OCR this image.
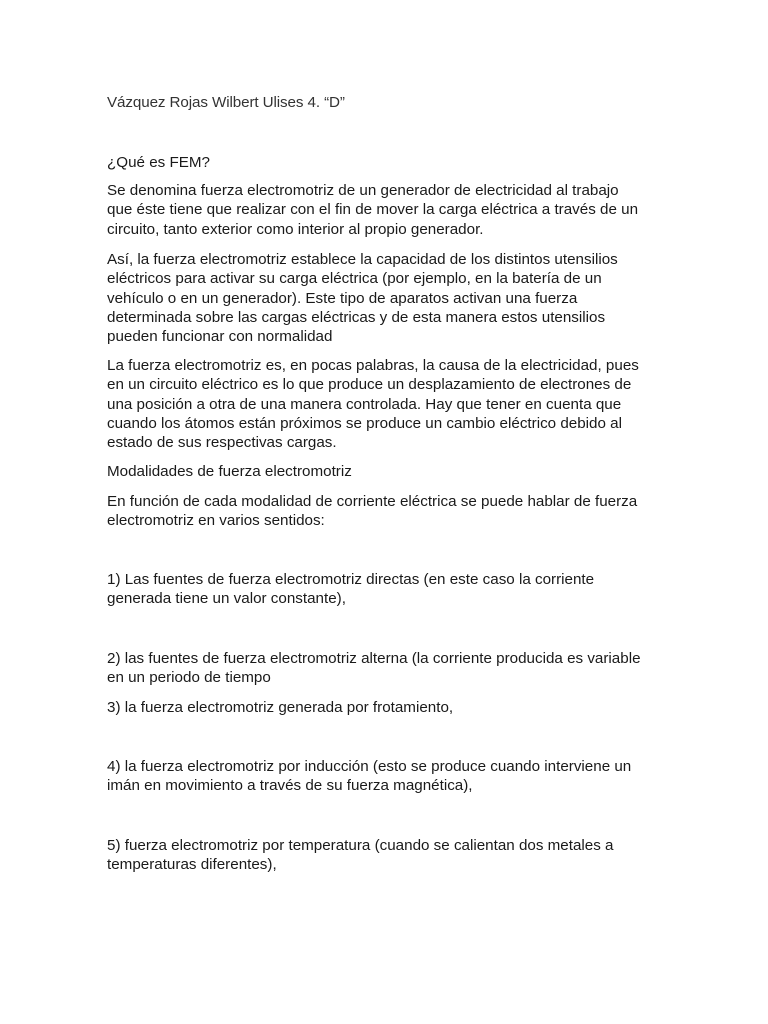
Vázquez Rojas Wilbert Ulises 4. “D”

¿Qué es FEM?

Se denomina fuerza electromotriz de un generador de electricidad al trabajo que éste tiene que realizar con el fin de mover la carga eléctrica a través de un circuito, tanto exterior como interior al propio generador.

Así, la fuerza electromotriz establece la capacidad de los distintos utensilios eléctricos para activar su carga eléctrica (por ejemplo, en la batería de un vehículo o en un generador). Este tipo de aparatos activan una fuerza determinada sobre las cargas eléctricas y de esta manera estos utensilios pueden funcionar con normalidad

La fuerza electromotriz es, en pocas palabras, la causa de la electricidad, pues en un circuito eléctrico es lo que produce un desplazamiento de electrones de una posición a otra de una manera controlada. Hay que tener en cuenta que cuando los átomos están próximos se produce un cambio eléctrico debido al estado de sus respectivas cargas.

Modalidades de fuerza electromotriz

En función de cada modalidad de corriente eléctrica se puede hablar de fuerza electromotriz en varios sentidos:

1) Las fuentes de fuerza electromotriz directas (en este caso la corriente generada tiene un valor constante),

2) las fuentes de fuerza electromotriz alterna (la corriente producida es variable en un periodo de tiempo

3) la fuerza electromotriz generada por frotamiento,

4) la fuerza electromotriz por inducción (esto se produce cuando interviene un imán en movimiento a través de su fuerza magnética),

5) fuerza electromotriz por temperatura (cuando se calientan dos metales a temperaturas diferentes),
